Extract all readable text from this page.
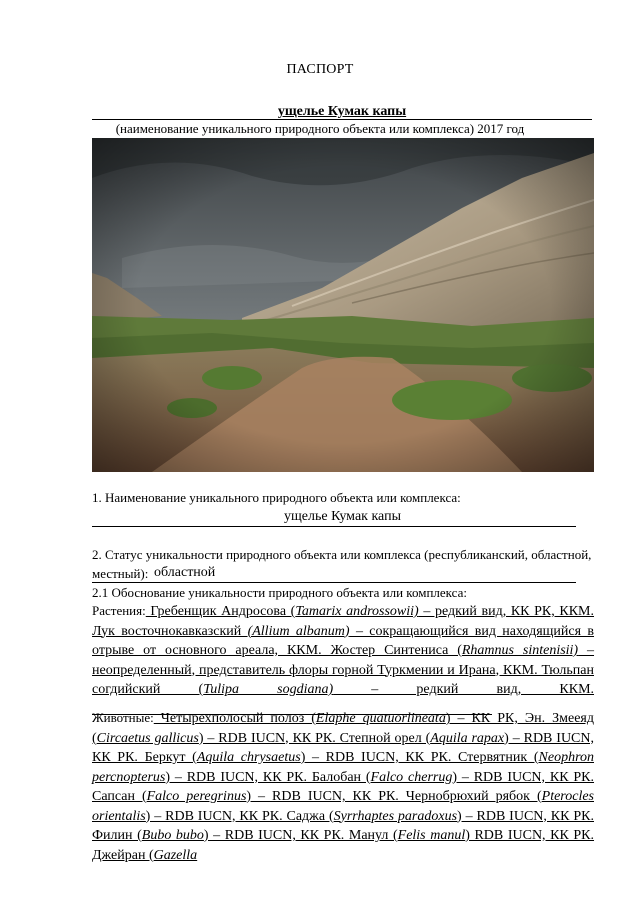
ПАСПОРТ
ущелье Кумак капы
(наименование уникального природного объекта или комплекса) 2017 год
1. Наименование уникального природного объекта или комплекса:
ущелье Кумак капы
2. Статус уникальности природного объекта или комплекса (республиканский, областной,
местный): областной
2.1 Обоснование уникальности природного объекта или комплекса:
Растения: Гребенщик Андросова (Tamarix androssowii) – редкий вид, КК РК, ККМ. Лук восточнокавказский (Allium albanum) – сокращающийся вид находящийся в отрыве от основного ареала, ККМ. Жостер Синтениса (Rhamnus sintenisii) – неопределенный, представитель флоры горной Туркмении и Ирана, ККМ. Тюльпан согдийский (Tulipa sogdiana) – редкий вид, ККМ.
Животные: Четырехполосый полоз (Elaphe quatuorlineata) – КК РК, Эн. Змееяд (Circaetus gallicus) – RDB IUCN, КК РК. Степной орел (Aquila rapax) – RDB IUCN, КК РК. Беркут (Aquila chrysaetus) – RDB IUCN, КК РК. Стервятник (Neophron percnopterus) – RDB IUCN, КК РК. Балобан (Falco cherrug) – RDB IUCN, КК РК. Сапсан (Falco peregrinus) – RDB IUCN, КК РК. Чернобрюхий рябок (Pterocles orientalis) – RDB IUCN, КК РК. Саджа (Syrrhaptes paradoxus) – RDB IUCN, КК РК. Филин (Bubo bubo) – RDB IUCN, КК РК. Манул (Felis manul) RDB IUCN, КК РК. Джейран (Gazella
